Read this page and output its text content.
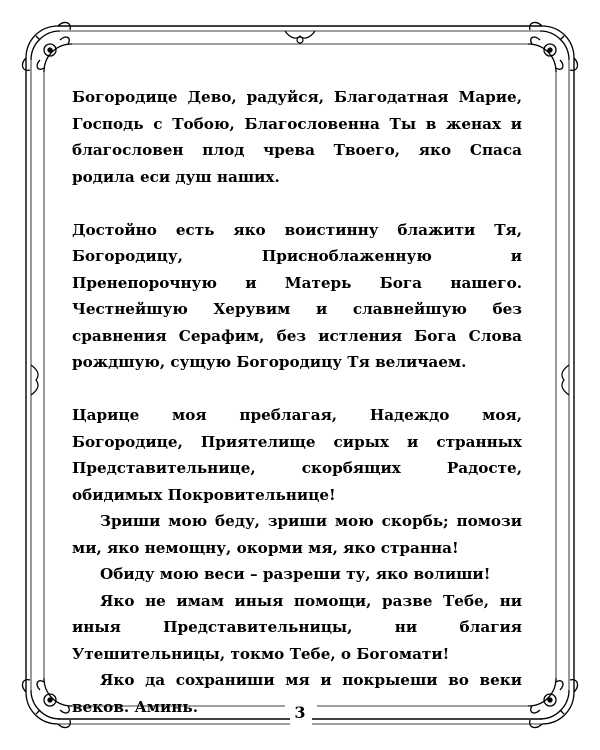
Богородице Дево, радуйся, Благодатная Марие, Господь с Тобою, Благословенна Ты в женах и благословен плод чрева Твоего, яко Спаса родила еси душ наших.

Достойно есть яко воистинну блажити Тя, Богородицу, Присноблаженную и Пренепорочную и Матерь Бога нашего. Честнейшую Херувим и славнейшую без сравнения Серафим, без истления Бога Слова рождшую, сущую Богородицу Тя величаем.

Царице моя преблагая, Надеждо моя, Богородице, Приятелище сирых и странных Представительнице, скорбящих Радосте, обидимых Покровительнице!

Зриши мою беду, зриши мою скорбь; помози ми, яко немощну, окорми мя, яко странна!

Обиду мою веси – разреши ту, яко волиши!

Яко не имам иныя помощи, разве Тебе, ни иныя Представительницы, ни благия Утешительницы, токмо Тебе, о Богомати!

Яко да сохраниши мя и покрыеши во веки веков. Аминь.	3
